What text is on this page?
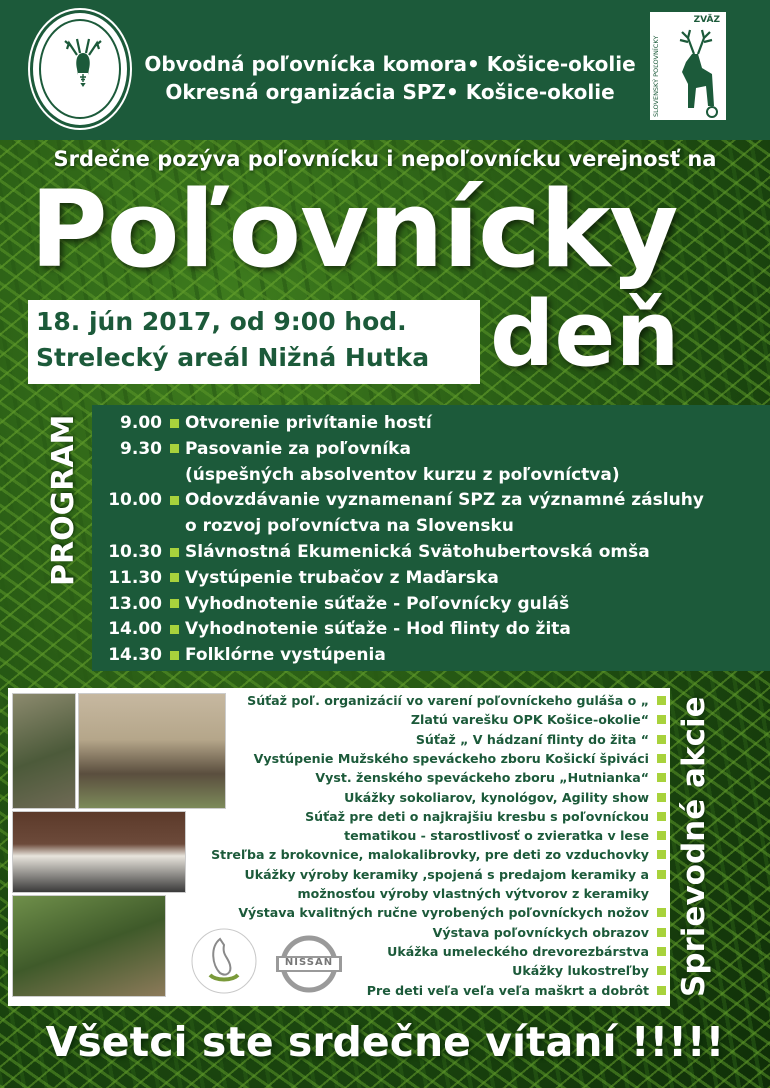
ZVÄZ
SLOVENSKÝ POĽOVNÍCKY
Obvodná poľovnícka komora• Košice-okolie
Okresná organizácia SPZ• Košice-okolie
Srdečne pozýva poľovnícku i nepoľovnícku verejnosť na
Poľovnícky
18. jún 2017, od 9:00 hod.
Strelecký areál Nižná Hutka deň
PROGRAM	9.00 Otvorenie privítanie hostí
9.30 Pasovanie za poľovníka
(úspešných absolventov kurzu z poľovníctva)
10.00 Odovzdávanie vyznamenaní SPZ za významné zásluhy
o rozvoj poľovníctva na Slovensku
10.30 Slávnostná Ekumenická Svätohubertovská omša
11.30 Vystúpenie trubačov z Maďarska
13.00 Vyhodnotenie súťaže - Poľovnícky guláš
14.00 Vyhodnotenie súťaže - Hod flinty do žita
14.30 Folklórne vystúpenia
Súťaž poľ. organizácií vo varení poľovníckeho guláša o „
Zlatú varešku OPK Košice-okolie“
Súťaž „ V hádzaní flinty do žita “
Vystúpenie Mužského speváckeho zboru Košickí špiváci
Vyst. ženského speváckeho zboru „Hutnianka“
Ukážky sokoliarov, kynológov, Agility show
Súťaž pre deti o najkrajšiu kresbu s poľovníckou
tematikou - starostlivosť o zvieratka v lese
Streľba z brokovnice, malokalibrovky, pre deti zo vzduchovky
Ukážky výroby keramiky ,spojená s predajom keramiky a
možnosťou výroby vlastných výtvorov z keramiky
Výstava kvalitných ručne vyrobených poľovníckych nožov
Výstava poľovníckych obrazov
Ukážka umeleckého drevorezbárstva
Ukážky lukostreľby
Pre deti veľa veľa veľa maškrt a dobrôt
NISSAN	Sprievodné akcie
Všetci ste srdečne vítaní !!!!!
